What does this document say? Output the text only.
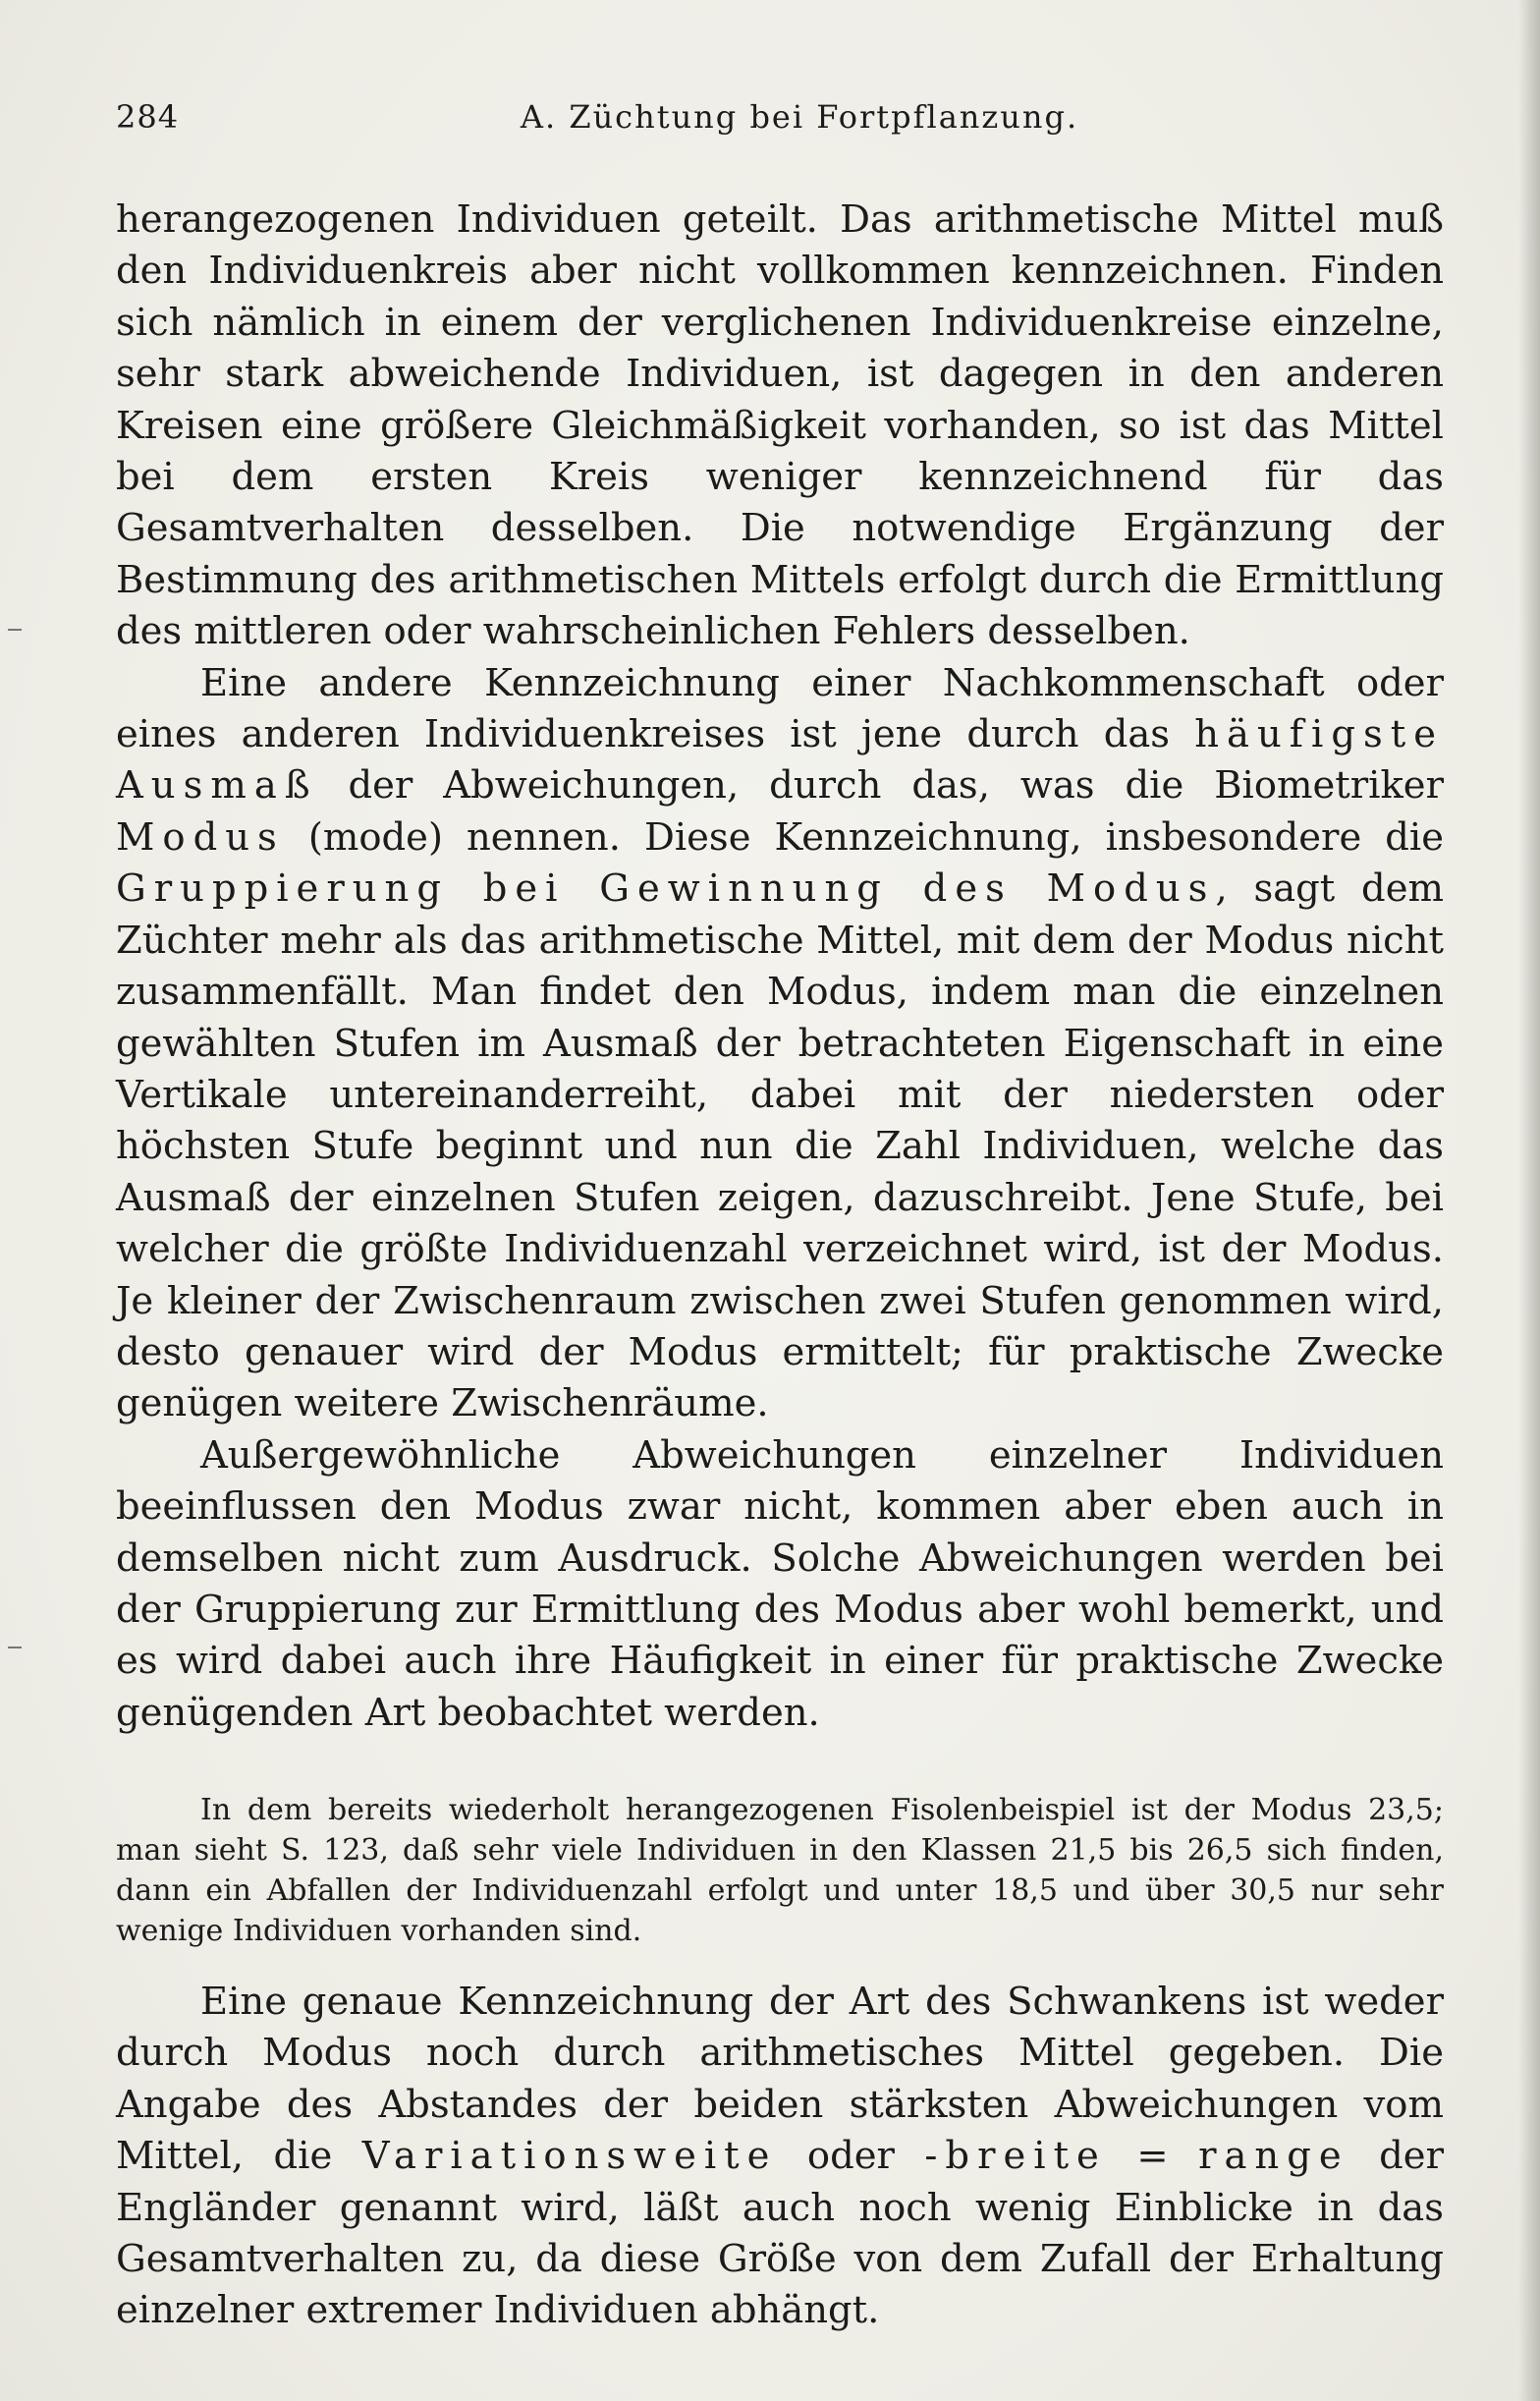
284	A. Züchtung bei Fortpflanzung.

herangezogenen Individuen geteilt. Das arithmetische Mittel muß den Individuenkreis aber nicht vollkommen kennzeichnen. Finden sich nämlich in einem der verglichenen Individuenkreise einzelne, sehr stark abweichende Individuen, ist dagegen in den anderen Kreisen eine größere Gleichmäßigkeit vorhanden, so ist das Mittel bei dem ersten Kreis weniger kennzeichnend für das Gesamtverhalten desselben. Die notwendige Ergänzung der Bestimmung des arithmetischen Mittels erfolgt durch die Ermittlung des mittleren oder wahrscheinlichen Fehlers desselben.

Eine andere Kennzeichnung einer Nachkommenschaft oder eines anderen Individuenkreises ist jene durch das häufigste Ausmaß der Abweichungen, durch das, was die Biometriker Modus (mode) nennen. Diese Kennzeichnung, insbesondere die Gruppierung bei Gewinnung des Modus, sagt dem Züchter mehr als das arithmetische Mittel, mit dem der Modus nicht zusammenfällt. Man findet den Modus, indem man die einzelnen gewählten Stufen im Ausmaß der betrachteten Eigenschaft in eine Vertikale untereinanderreiht, dabei mit der niedersten oder höchsten Stufe beginnt und nun die Zahl Individuen, welche das Ausmaß der einzelnen Stufen zeigen, dazuschreibt. Jene Stufe, bei welcher die größte Individuenzahl verzeichnet wird, ist der Modus. Je kleiner der Zwischenraum zwischen zwei Stufen genommen wird, desto genauer wird der Modus ermittelt; für praktische Zwecke genügen weitere Zwischenräume.

Außergewöhnliche Abweichungen einzelner Individuen beeinflussen den Modus zwar nicht, kommen aber eben auch in demselben nicht zum Ausdruck. Solche Abweichungen werden bei der Gruppierung zur Ermittlung des Modus aber wohl bemerkt, und es wird dabei auch ihre Häufigkeit in einer für praktische Zwecke genügenden Art beobachtet werden.

In dem bereits wiederholt herangezogenen Fisolenbeispiel ist der Modus 23,5; man sieht S. 123, daß sehr viele Individuen in den Klassen 21,5 bis 26,5 sich finden, dann ein Abfallen der Individuenzahl erfolgt und unter 18,5 und über 30,5 nur sehr wenige Individuen vorhanden sind.

Eine genaue Kennzeichnung der Art des Schwankens ist weder durch Modus noch durch arithmetisches Mittel gegeben. Die Angabe des Abstandes der beiden stärksten Abweichungen vom Mittel, die Variationsweite oder -breite = range der Engländer genannt wird, läßt auch noch wenig Einblicke in das Gesamtverhalten zu, da diese Größe von dem Zufall der Erhaltung einzelner extremer Individuen abhängt.
